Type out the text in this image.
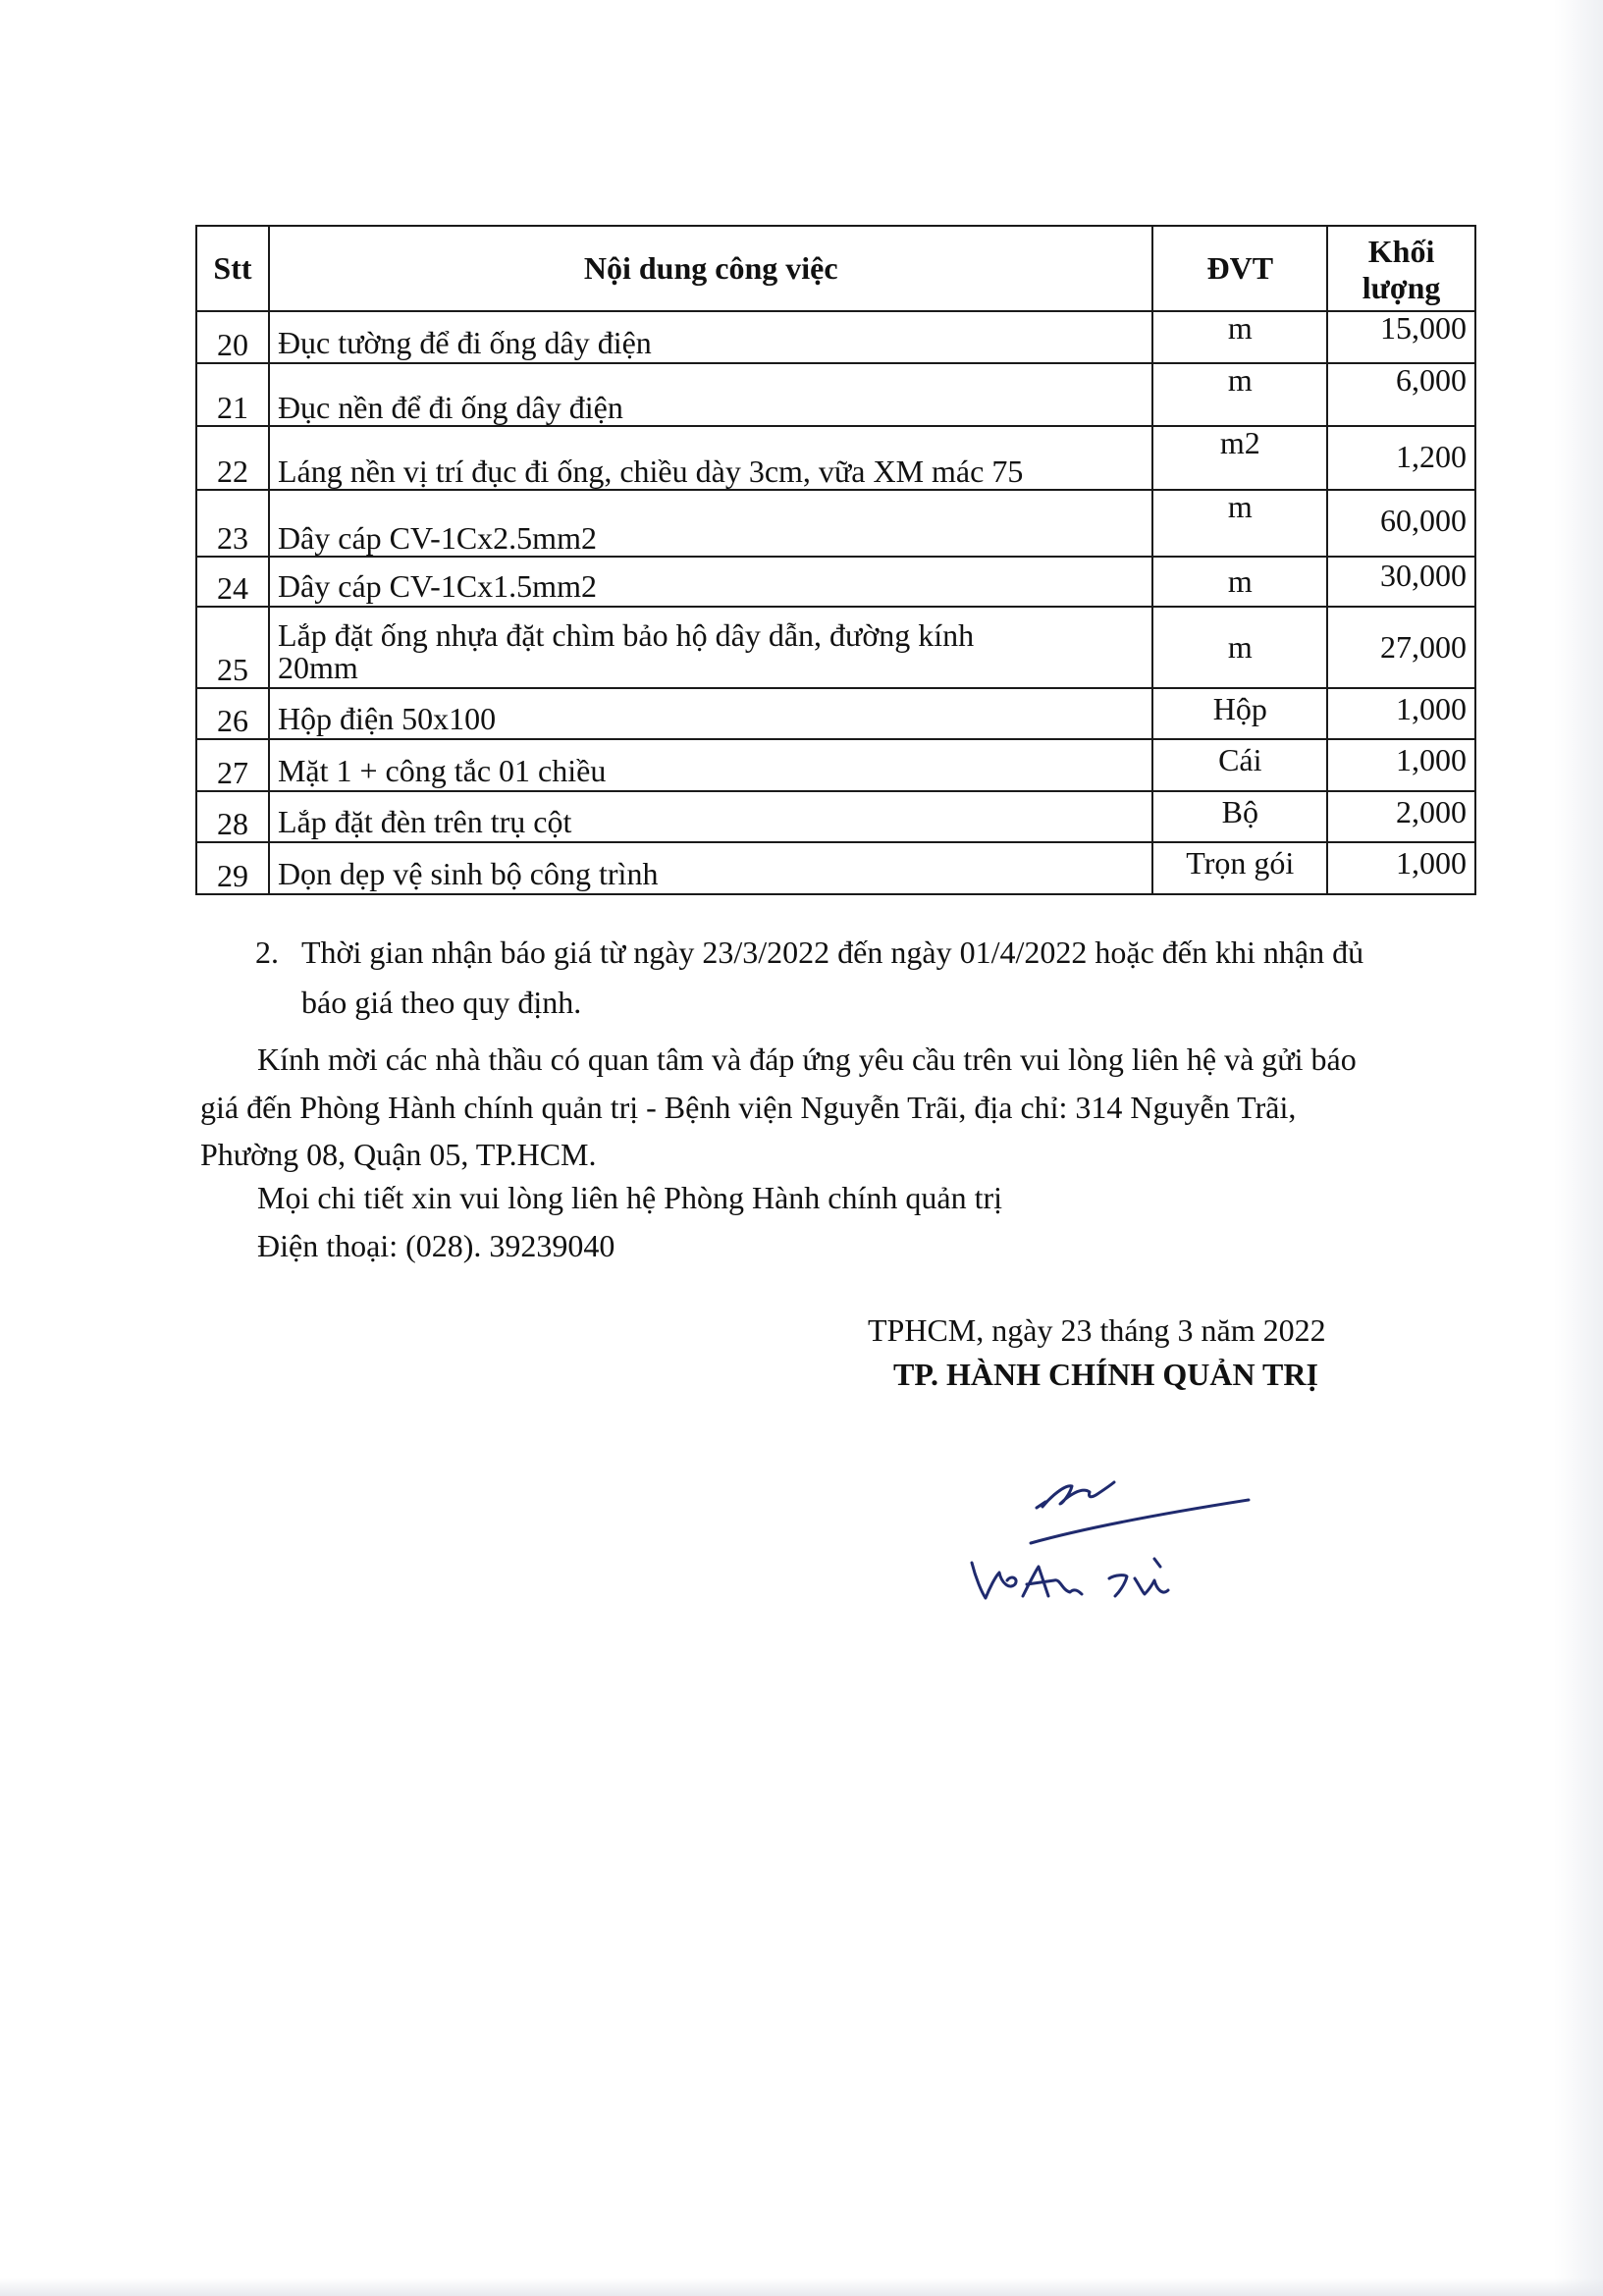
Stt	Nội dung công việc	ĐVT	Khối
lượng
20	Đục tường để đi ống dây điện	m	15,000
21	Đục nền để đi ống dây điện	m	6,000
22	Láng nền vị trí đục đi ống, chiều dày 3cm, vữa XM mác 75	m2	1,200
23	Dây cáp CV-1Cx2.5mm2	m	60,000
24	Dây cáp CV-1Cx1.5mm2	m	30,000
25	Lắp đặt ống nhựa đặt chìm bảo hộ dây dẫn, đường kính
20mm	m	27,000
26	Hộp điện 50x100	Hộp	1,000
27	Mặt 1 + công tắc 01 chiều	Cái	1,000
28	Lắp đặt đèn trên trụ cột	Bộ	2,000
29	Dọn dẹp vệ sinh bộ công trình	Trọn gói	1,000
2. Thời gian nhận báo giá từ ngày 23/3/2022 đến ngày 01/4/2022 hoặc đến khi nhận đủ
báo giá theo quy định.
Kính mời các nhà thầu có quan tâm và đáp ứng yêu cầu trên vui lòng liên hệ và gửi báo
giá đến Phòng Hành chính quản trị - Bệnh viện Nguyễn Trãi, địa chỉ: 314 Nguyễn Trãi,
Phường 08, Quận 05, TP.HCM.
Mọi chi tiết xin vui lòng liên hệ Phòng Hành chính quản trị
Điện thoại: (028). 39239040
TPHCM, ngày 23 tháng 3 năm 2022
TP. HÀNH CHÍNH QUẢN TRỊ
